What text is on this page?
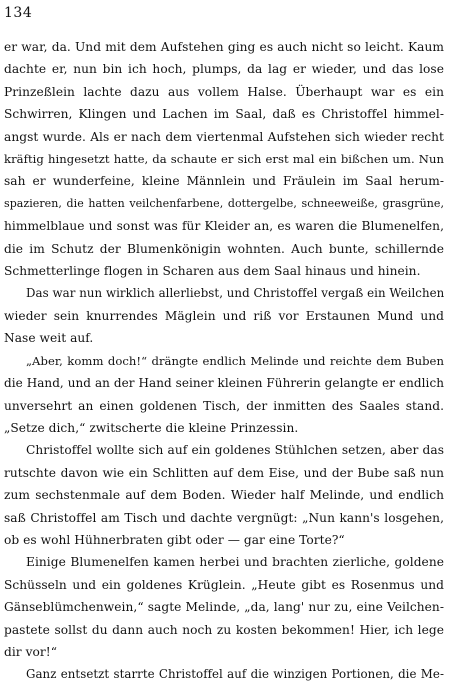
134
er war, da. Und mit dem Aufstehen ging es auch nicht so leicht. Kaum
dachte er, nun bin ich hoch, plumps, da lag er wieder, und das lose
Prinzeßlein lachte dazu aus vollem Halse. Überhaupt war es ein
Schwirren, Klingen und Lachen im Saal, daß es Christoffel himmel-
angst wurde. Als er nach dem viertenmal Aufstehen sich wieder recht
kräftig hingesetzt hatte, da schaute er sich erst mal ein bißchen um. Nun
sah er wunderfeine, kleine Männlein und Fräulein im Saal herum-
spazieren, die hatten veilchenfarbene, dottergelbe, schneeweiße, grasgrüne,
himmelblaue und sonst was für Kleider an, es waren die Blumenelfen,
die im Schutz der Blumenkönigin wohnten. Auch bunte, schillernde
Schmetterlinge flogen in Scharen aus dem Saal hinaus und hinein.
Das war nun wirklich allerliebst, und Christoffel vergaß ein Weilchen
wieder sein knurrendes Mäglein und riß vor Erstaunen Mund und
Nase weit auf.
„Aber, komm doch!“ drängte endlich Melinde und reichte dem Buben
die Hand, und an der Hand seiner kleinen Führerin gelangte er endlich
unversehrt an einen goldenen Tisch, der inmitten des Saales stand.
„Setze dich,“ zwitscherte die kleine Prinzessin.
Christoffel wollte sich auf ein goldenes Stühlchen setzen, aber das
rutschte davon wie ein Schlitten auf dem Eise, und der Bube saß nun
zum sechstenmale auf dem Boden. Wieder half Melinde, und endlich
saß Christoffel am Tisch und dachte vergnügt: „Nun kann's losgehen,
ob es wohl Hühnerbraten gibt oder — gar eine Torte?“
Einige Blumenelfen kamen herbei und brachten zierliche, goldene
Schüsseln und ein goldenes Krüglein. „Heute gibt es Rosenmus und
Gänseblümchenwein,“ sagte Melinde, „da, lang' nur zu, eine Veilchen-
pastete sollst du dann auch noch zu kosten bekommen! Hier, ich lege
dir vor!“
Ganz entsetzt starrte Christoffel auf die winzigen Portionen, die Me-
